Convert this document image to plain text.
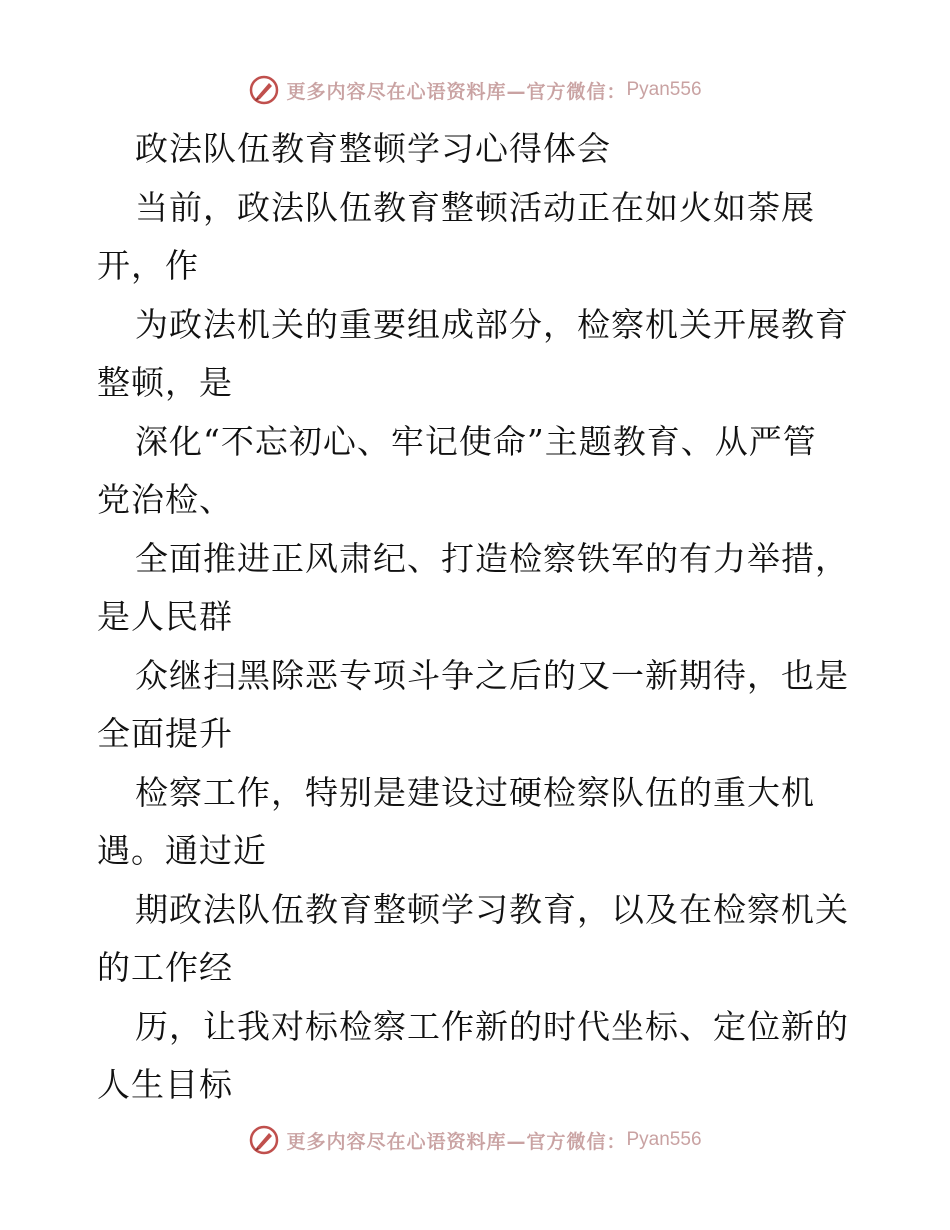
更多内容尽在心语资料库—官方微信： Pyan556
政法队伍教育整顿学习心得体会
当前，政法队伍教育整顿活动正在如火如荼展
开，作
为政法机关的重要组成部分，检察机关开展教育
整顿，是
深化“不忘初心、牢记使命”主题教育、从严管
党治检、
全面推进正风肃纪、打造检察铁军的有力举措，
是人民群
众继扫黑除恶专项斗争之后的又一新期待，也是
全面提升
检察工作，特别是建设过硬检察队伍的重大机
遇。通过近
期政法队伍教育整顿学习教育，以及在检察机关
的工作经
历，让我对标检察工作新的时代坐标、定位新的
人生目标
更多内容尽在心语资料库—官方微信： Pyan556
